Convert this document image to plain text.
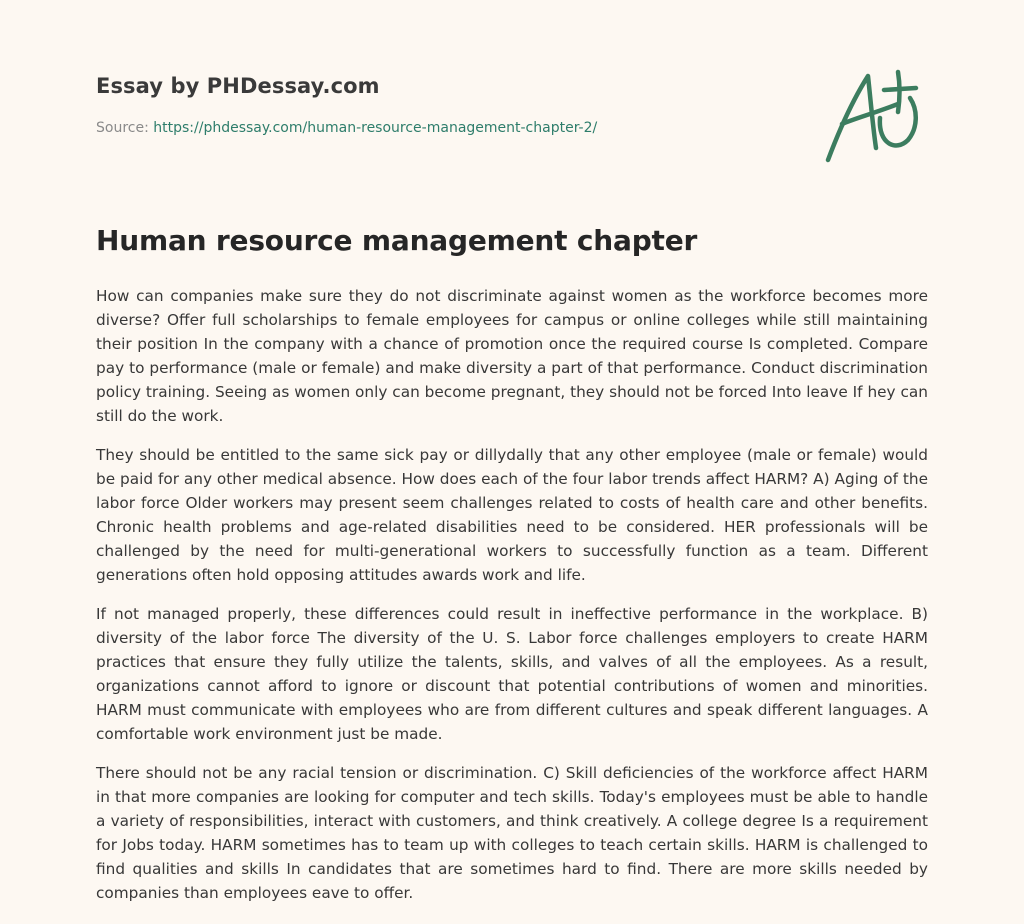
Essay by PHDessay.com
Source: https://phdessay.com/human-resource-management-chapter-2/
Human resource management chapter

How can companies make sure they do not discriminate against women as the workforce becomes more diverse? Offer full scholarships to female employees for campus or online colleges while still maintaining their position In the company with a chance of promotion once the required course Is completed. Compare pay to performance (male or female) and make diversity a part of that performance. Conduct discrimination policy training. Seeing as women only can become pregnant, they should not be forced Into leave If hey can still do the work.

They should be entitled to the same sick pay or dillydally that any other employee (male or female) would be paid for any other medical absence. How does each of the four labor trends affect HARM? A) Aging of the labor force Older workers may present seem challenges related to costs of health care and other benefits. Chronic health problems and age-related disabilities need to be considered. HER professionals will be challenged by the need for multi-generational workers to successfully function as a team. Different generations often hold opposing attitudes awards work and life.

If not managed properly, these differences could result in ineffective performance in the workplace. B) diversity of the labor force The diversity of the U. S. Labor force challenges employers to create HARM practices that ensure they fully utilize the talents, skills, and valves of all the employees. As a result, organizations cannot afford to ignore or discount that potential contributions of women and minorities. HARM must communicate with employees who are from different cultures and speak different languages. A comfortable work environment just be made.

There should not be any racial tension or discrimination. C) Skill deficiencies of the workforce affect HARM in that more companies are looking for computer and tech skills. Today's employees must be able to handle a variety of responsibilities, interact with customers, and think creatively. A college degree Is a requirement for Jobs today. HARM sometimes has to team up with colleges to teach certain skills. HARM is challenged to find qualities and skills In candidates that are sometimes hard to find. There are more skills needed by companies than employees eave to offer.
